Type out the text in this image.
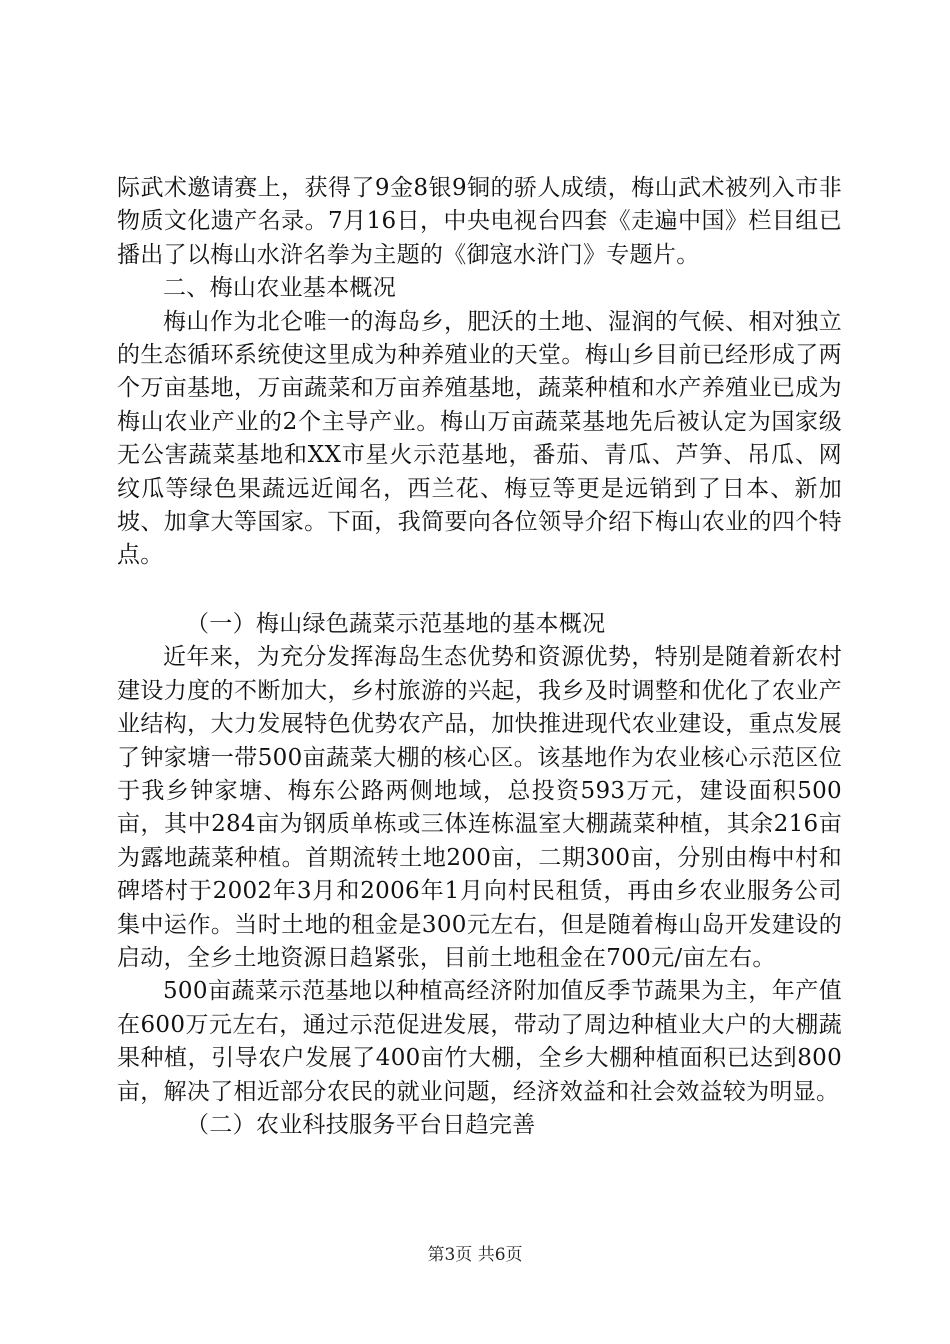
际武术邀请赛上，获得了9金8银9铜的骄人成绩，梅山武术被列入市非物质文化遗产名录。7月16日，中央电视台四套《走遍中国》栏目组已播出了以梅山水浒名拳为主题的《御寇水浒门》专题片。

二、梅山农业基本概况

梅山作为北仑唯一的海岛乡，肥沃的土地、湿润的气候、相对独立的生态循环系统使这里成为种养殖业的天堂。梅山乡目前已经形成了两个万亩基地，万亩蔬菜和万亩养殖基地，蔬菜种植和水产养殖业已成为梅山农业产业的2个主导产业。梅山万亩蔬菜基地先后被认定为国家级无公害蔬菜基地和XX市星火示范基地，番茄、青瓜、芦笋、吊瓜、网纹瓜等绿色果蔬远近闻名，西兰花、梅豆等更是远销到了日本、新加坡、加拿大等国家。下面，我简要向各位领导介绍下梅山农业的四个特点。

（一）梅山绿色蔬菜示范基地的基本概况

近年来，为充分发挥海岛生态优势和资源优势，特别是随着新农村建设力度的不断加大，乡村旅游的兴起，我乡及时调整和优化了农业产业结构，大力发展特色优势农产品，加快推进现代农业建设，重点发展了钟家塘一带500亩蔬菜大棚的核心区。该基地作为农业核心示范区位于我乡钟家塘、梅东公路两侧地域，总投资593万元，建设面积500亩，其中284亩为钢质单栋或三体连栋温室大棚蔬菜种植，其余216亩为露地蔬菜种植。首期流转土地200亩，二期300亩，分别由梅中村和碑塔村于2002年3月和2006年1月向村民租赁，再由乡农业服务公司集中运作。当时土地的租金是300元左右，但是随着梅山岛开发建设的启动，全乡土地资源日趋紧张，目前土地租金在700元/亩左右。

500亩蔬菜示范基地以种植高经济附加值反季节蔬果为主，年产值在600万元左右，通过示范促进发展，带动了周边种植业大户的大棚蔬果种植，引导农户发展了400亩竹大棚，全乡大棚种植面积已达到800亩，解决了相近部分农民的就业问题，经济效益和社会效益较为明显。

（二）农业科技服务平台日趋完善

第3页 共6页
